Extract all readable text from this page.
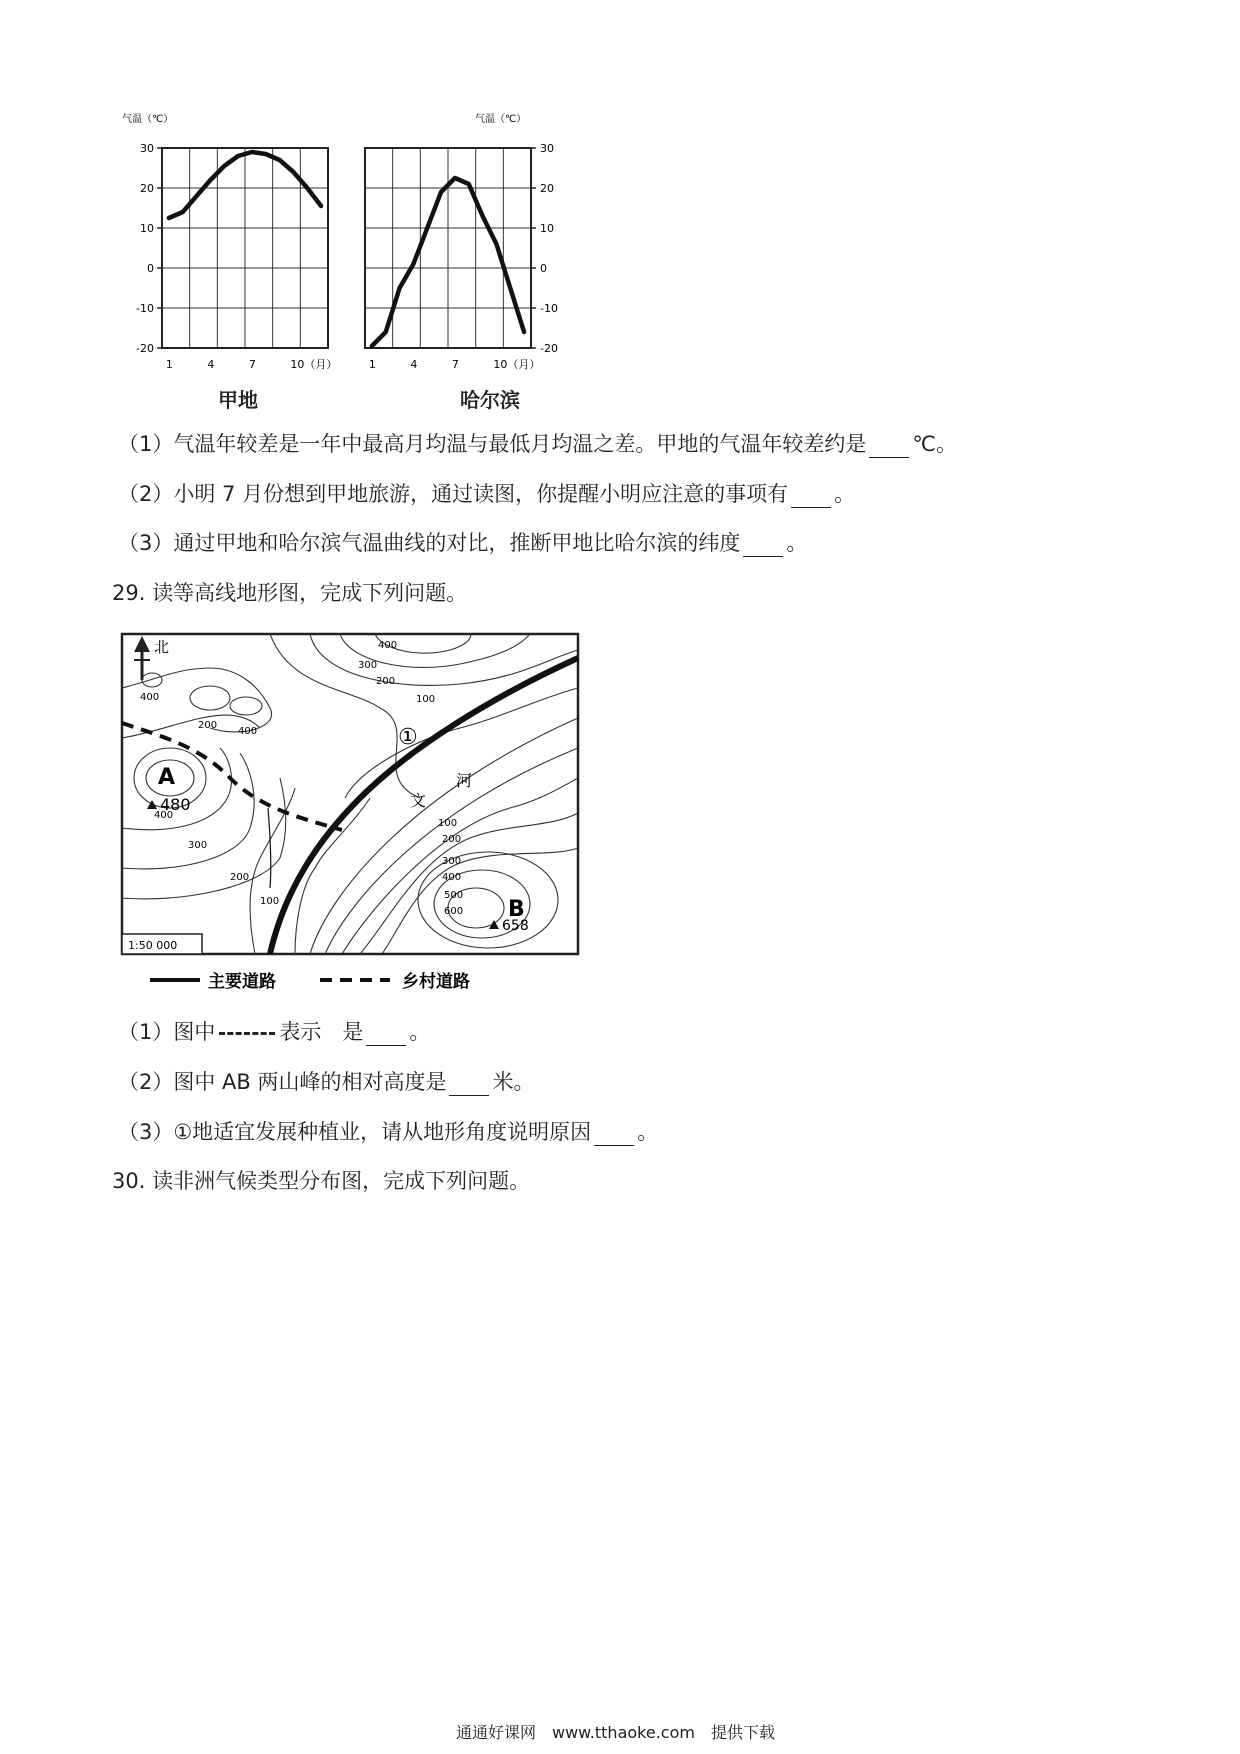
30
20
10
0
-10
-20
气温（℃）
1	4	7	10（月）
30
20
10
0
-10
-20
气温（℃）
1	4	7	10（月）
甲地	哈尔滨
（1）气温年较差是一年中最高月均温与最低月均温之差。甲地的气温年较差约是 ℃。
（2）小明 7 月份想到甲地旅游，通过读图，你提醒小明应注意的事项有 。
（3）通过甲地和哈尔滨气温曲线的对比，推断甲地比哈尔滨的纬度 。
29. 读等高线地形图，完成下列问题。
北
400
400
300
200
100
200
400
400
300
200
100
100
200
300
400
500
600
A
480
B
658
①
河
文
1:50 000
主要道路	乡村道路
（1）图中	表示　是 。
（2）图中 AB 两山峰的相对高度是 米。
（3）①地适宜发展种植业，请从地形角度说明原因 。
30. 读非洲气候类型分布图，完成下列问题。
通通好课网　www.tthaoke.com　提供下载
